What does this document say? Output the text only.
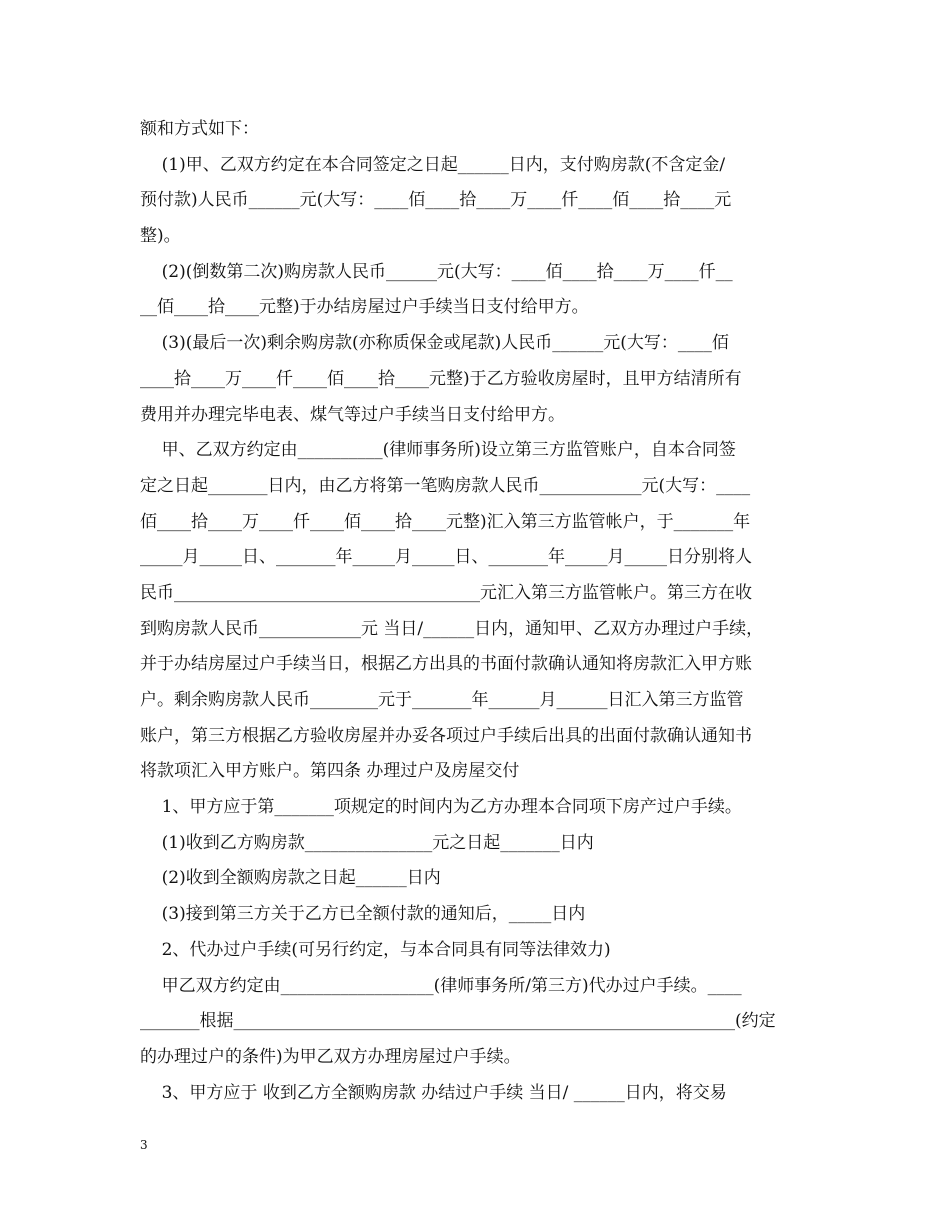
额和方式如下：
(1)甲、乙双方约定在本合同签定之日起______日内，支付购房款(不含定金/
预付款)人民币______元(大写：____佰____拾____万____仟____佰____拾____元
整)。
(2)(倒数第二次)购房款人民币______元(大写：____佰____拾____万____仟__
__佰____拾____元整)于办结房屋过户手续当日支付给甲方。
(3)(最后一次)剩余购房款(亦称质保金或尾款)人民币______元(大写：____佰
____拾____万____仟____佰____拾____元整)于乙方验收房屋时，且甲方结清所有
费用并办理完毕电表、煤气等过户手续当日支付给甲方。
甲、乙双方约定由__________(律师事务所)设立第三方监管账户，自本合同签
定之日起_______日内，由乙方将第一笔购房款人民币____________元(大写：____
佰____拾____万____仟____佰____拾____元整)汇入第三方监管帐户，于_______年
_____月_____日、_______年_____月_____日、_______年_____月_____日分别将人
民币____________________________________元汇入第三方监管帐户。第三方在收
到购房款人民币____________元 当日/______日内，通知甲、乙双方办理过户手续，
并于办结房屋过户手续当日，根据乙方出具的书面付款确认通知将房款汇入甲方账
户。剩余购房款人民币________元于_______年______月______日汇入第三方监管
账户，第三方根据乙方验收房屋并办妥各项过户手续后出具的出面付款确认通知书
将款项汇入甲方账户。第四条 办理过户及房屋交付
1、甲方应于第_______项规定的时间内为乙方办理本合同项下房产过户手续。
(1)收到乙方购房款_______________元之日起_______日内
(2)收到全额购房款之日起______日内
(3)接到第三方关于乙方已全额付款的通知后，_____日内
2、代办过户手续(可另行约定，与本合同具有同等法律效力)
甲乙双方约定由__________________(律师事务所/第三方)代办过户手续。____
_______根据___________________________________________________________(约定
的办理过户的条件)为甲乙双方办理房屋过户手续。
3、甲方应于 收到乙方全额购房款 办结过户手续 当日/ ______日内，将交易
3
